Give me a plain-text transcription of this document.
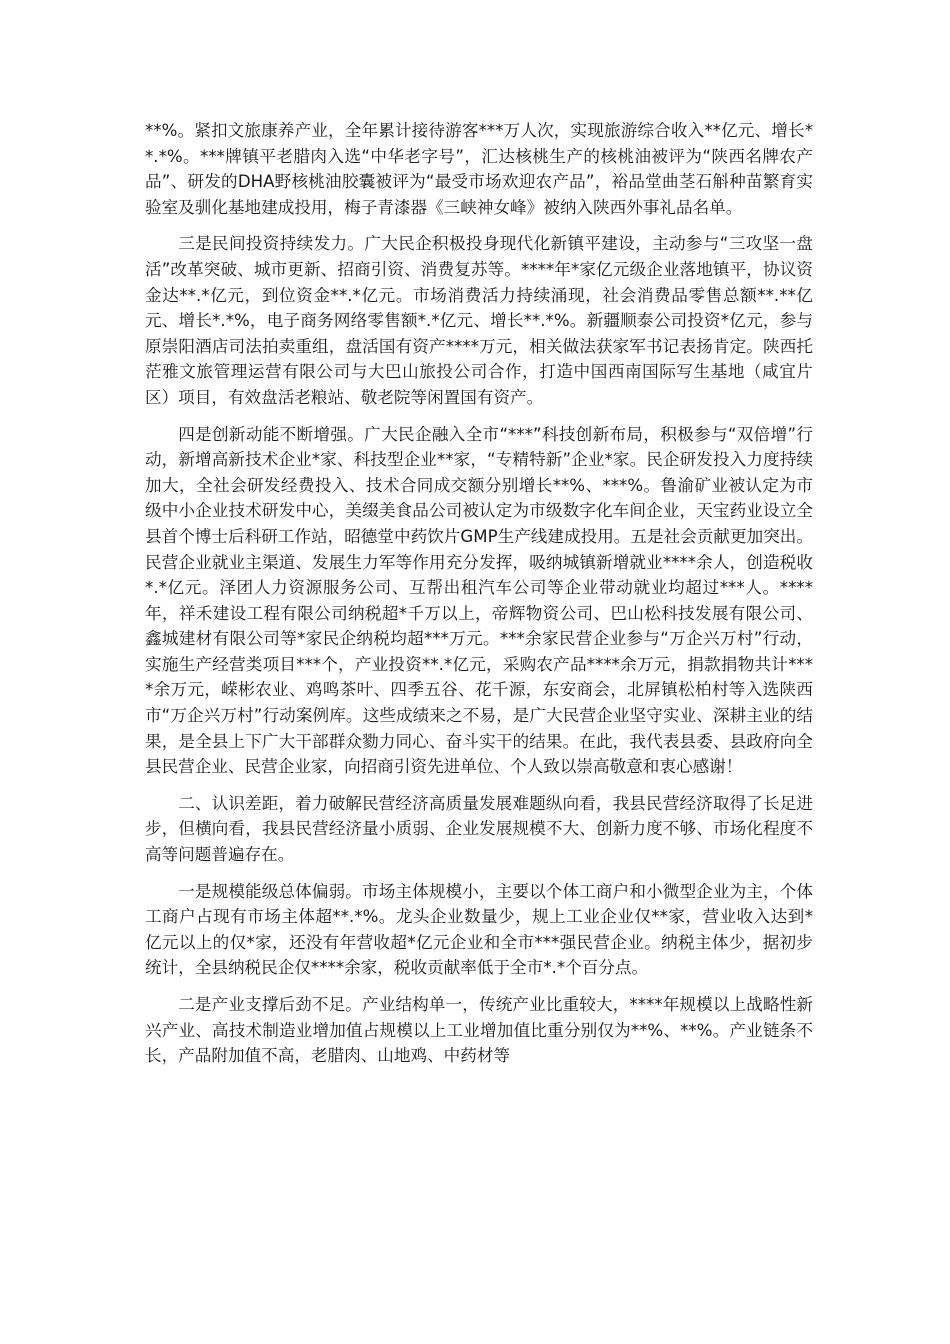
**%。紧扣文旅康养产业，全年累计接待游客***万人次，实现旅游综合收入**亿元、增长**.*%。***牌镇平老腊肉入选“中华老字号”，汇达核桃生产的核桃油被评为“陕西名牌农产品”、研发的DHA野核桃油胶囊被评为“最受市场欢迎农产品”，裕品堂曲茎石斛种苗繁育实验室及驯化基地建成投用，梅子青漆器《三峡神女峰》被纳入陕西外事礼品名单。

三是民间投资持续发力。广大民企积极投身现代化新镇平建设，主动参与“三攻坚一盘活”改革突破、城市更新、招商引资、消费复苏等。****年*家亿元级企业落地镇平，协议资金达**.*亿元，到位资金**.*亿元。市场消费活力持续涌现，社会消费品零售总额**.**亿元、增长*.*%，电子商务网络零售额*.*亿元、增长**.*%。新疆顺泰公司投资*亿元，参与原崇阳酒店司法拍卖重组，盘活国有资产****万元，相关做法获家军书记表扬肯定。陕西托茫雅文旅管理运营有限公司与大巴山旅投公司合作，打造中国西南国际写生基地（咸宜片区）项目，有效盘活老粮站、敬老院等闲置国有资产。

四是创新动能不断增强。广大民企融入全市“***”科技创新布局，积极参与“双倍增”行动，新增高新技术企业*家、科技型企业**家，“专精特新”企业*家。民企研发投入力度持续加大，全社会研发经费投入、技术合同成交额分别增长**%、***%。鲁渝矿业被认定为市级中小企业技术研发中心，美缀美食品公司被认定为市级数字化车间企业，天宝药业设立全县首个博士后科研工作站，昭德堂中药饮片GMP生产线建成投用。五是社会贡献更加突出。民营企业就业主渠道、发展生力军等作用充分发挥，吸纳城镇新增就业****余人，创造税收*.*亿元。泽团人力资源服务公司、互帮出租汽车公司等企业带动就业均超过***人。****年，祥禾建设工程有限公司纳税超*千万以上，帝辉物资公司、巴山松科技发展有限公司、鑫城建材有限公司等*家民企纳税均超***万元。***余家民营企业参与“万企兴万村”行动，实施生产经营类项目***个，产业投资**.*亿元，采购农产品****余万元，捐款捐物共计****余万元，嵘彬农业、鸡鸣茶叶、四季五谷、花千源，东安商会，北屏镇松柏村等入选陕西市“万企兴万村”行动案例库。这些成绩来之不易，是广大民营企业坚守实业、深耕主业的结果，是全县上下广大干部群众勠力同心、奋斗实干的结果。在此，我代表县委、县政府向全县民营企业、民营企业家，向招商引资先进单位、个人致以崇高敬意和衷心感谢！

二、认识差距，着力破解民营经济高质量发展难题纵向看，我县民营经济取得了长足进步，但横向看，我县民营经济量小质弱、企业发展规模不大、创新力度不够、市场化程度不高等问题普遍存在。

一是规模能级总体偏弱。市场主体规模小，主要以个体工商户和小微型企业为主，个体工商户占现有市场主体超**.*%。龙头企业数量少，规上工业企业仅**家，营业收入达到*亿元以上的仅*家，还没有年营收超*亿元企业和全市***强民营企业。纳税主体少，据初步统计，全县纳税民企仅****余家，税收贡献率低于全市*.*个百分点。

二是产业支撑后劲不足。产业结构单一，传统产业比重较大，****年规模以上战略性新兴产业、高技术制造业增加值占规模以上工业增加值比重分别仅为**%、**%。产业链条不长，产品附加值不高，老腊肉、山地鸡、中药材等
